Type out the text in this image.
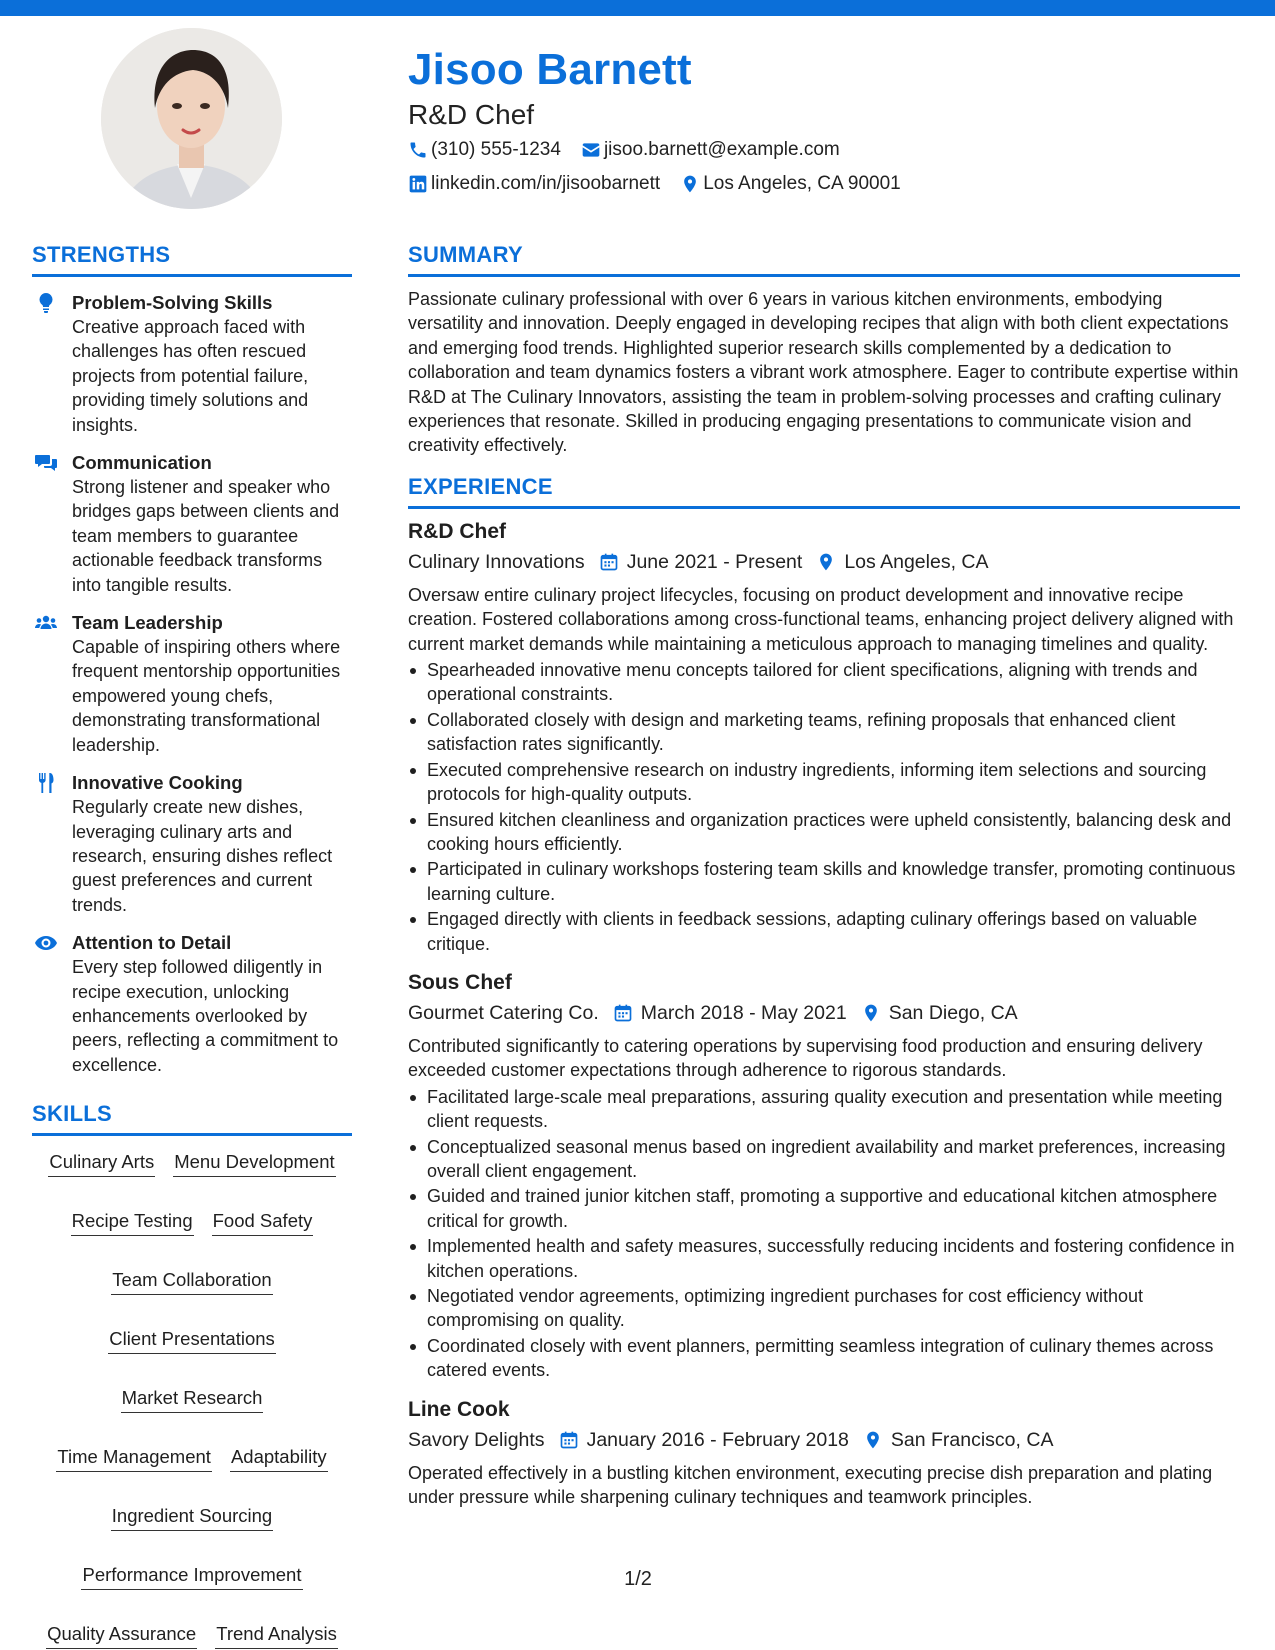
Jisoo Barnett
R&D Chef
(310) 555-1234 jisoo.barnett@example.com
linkedin.com/in/jisoobarnett Los Angeles, CA 90001
STRENGTHS
Problem-Solving Skills
Creative approach faced with challenges has often rescued projects from potential failure, providing timely solutions and insights.
Communication
Strong listener and speaker who bridges gaps between clients and team members to guarantee actionable feedback transforms into tangible results.
Team Leadership
Capable of inspiring others where frequent mentorship opportunities empowered young chefs, demonstrating transformational leadership.
Innovative Cooking
Regularly create new dishes, leveraging culinary arts and research, ensuring dishes reflect guest preferences and current trends.
Attention to Detail
Every step followed diligently in recipe execution, unlocking enhancements overlooked by peers, reflecting a commitment to excellence.
SKILLS
Culinary Arts Menu Development
Recipe Testing Food Safety
Team Collaboration
Client Presentations
Market Research
Time Management Adaptability
Ingredient Sourcing
Performance Improvement
Quality Assurance Trend Analysis
SUMMARY
Passionate culinary professional with over 6 years in various kitchen environments, embodying versatility and innovation. Deeply engaged in developing recipes that align with both client expectations and emerging food trends. Highlighted superior research skills complemented by a dedication to collaboration and team dynamics fosters a vibrant work atmosphere. Eager to contribute expertise within R&D at The Culinary Innovators, assisting the team in problem-solving processes and crafting culinary experiences that resonate. Skilled in producing engaging presentations to communicate vision and creativity effectively.
EXPERIENCE
R&D Chef
Culinary Innovations June 2021 - Present Los Angeles, CA
Oversaw entire culinary project lifecycles, focusing on product development and innovative recipe creation. Fostered collaborations among cross-functional teams, enhancing project delivery aligned with current market demands while maintaining a meticulous approach to managing timelines and quality.
Spearheaded innovative menu concepts tailored for client specifications, aligning with trends and operational constraints.
Collaborated closely with design and marketing teams, refining proposals that enhanced client satisfaction rates significantly.
Executed comprehensive research on industry ingredients, informing item selections and sourcing protocols for high-quality outputs.
Ensured kitchen cleanliness and organization practices were upheld consistently, balancing desk and cooking hours efficiently.
Participated in culinary workshops fostering team skills and knowledge transfer, promoting continuous learning culture.
Engaged directly with clients in feedback sessions, adapting culinary offerings based on valuable critique.
Sous Chef
Gourmet Catering Co. March 2018 - May 2021 San Diego, CA
Contributed significantly to catering operations by supervising food production and ensuring delivery exceeded customer expectations through adherence to rigorous standards.
Facilitated large-scale meal preparations, assuring quality execution and presentation while meeting client requests.
Conceptualized seasonal menus based on ingredient availability and market preferences, increasing overall client engagement.
Guided and trained junior kitchen staff, promoting a supportive and educational kitchen atmosphere critical for growth.
Implemented health and safety measures, successfully reducing incidents and fostering confidence in kitchen operations.
Negotiated vendor agreements, optimizing ingredient purchases for cost efficiency without compromising on quality.
Coordinated closely with event planners, permitting seamless integration of culinary themes across catered events.
Line Cook
Savory Delights January 2016 - February 2018 San Francisco, CA
Operated effectively in a bustling kitchen environment, executing precise dish preparation and plating under pressure while sharpening culinary techniques and teamwork principles.
1/2
